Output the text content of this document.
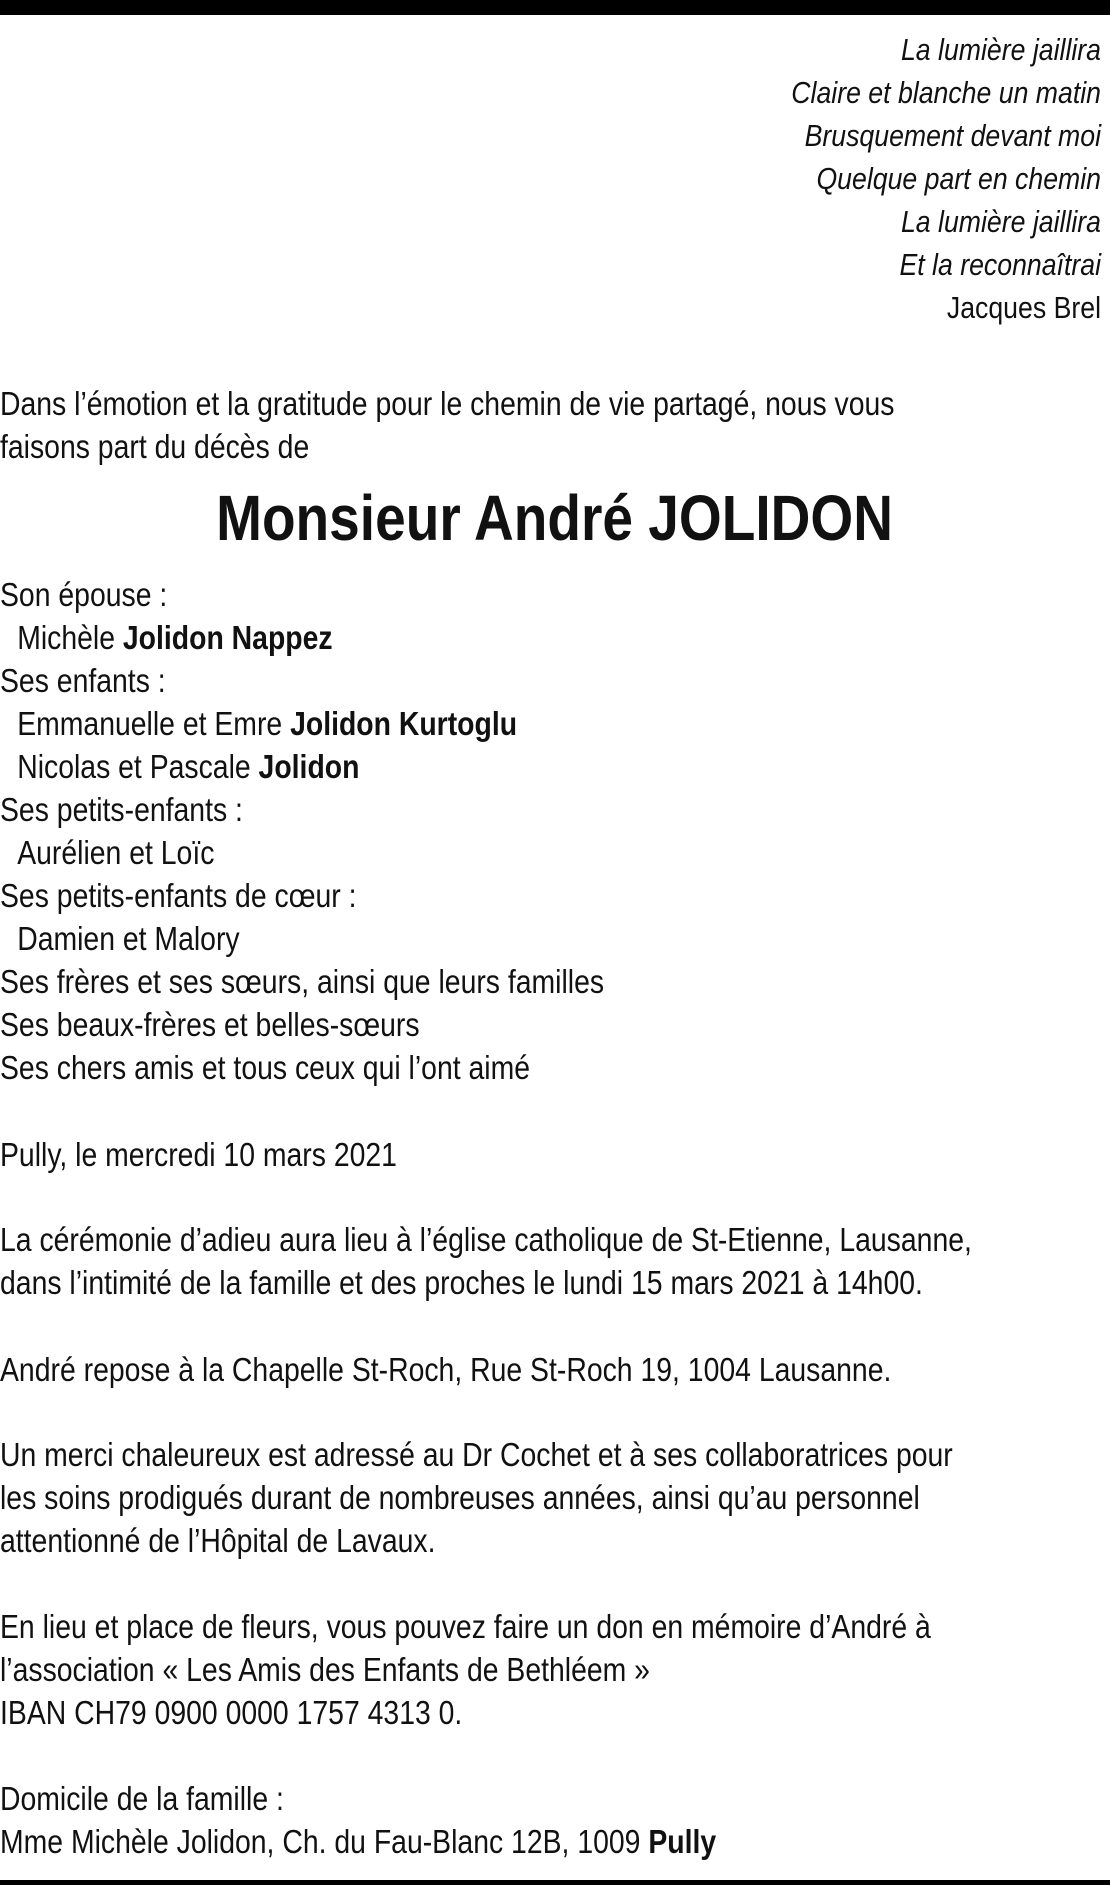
La lumière jaillira
Claire et blanche un matin
Brusquement devant moi
Quelque part en chemin
La lumière jaillira
Et la reconnaîtrai
Jacques Brel
Dans l’émotion et la gratitude pour le chemin de vie partagé, nous vous
faisons part du décès de
Monsieur André JOLIDON
Son épouse :
Michèle Jolidon Nappez
Ses enfants :
Emmanuelle et Emre Jolidon Kurtoglu
Nicolas et Pascale Jolidon
Ses petits-enfants :
Aurélien et Loïc
Ses petits-enfants de cœur :
Damien et Malory
Ses frères et ses sœurs, ainsi que leurs familles
Ses beaux-frères et belles-sœurs
Ses chers amis et tous ceux qui l’ont aimé
Pully, le mercredi 10 mars 2021
La cérémonie d’adieu aura lieu à l’église catholique de St-Etienne, Lausanne,
dans l’intimité de la famille et des proches le lundi 15 mars 2021 à 14h00.
André repose à la Chapelle St-Roch, Rue St-Roch 19, 1004 Lausanne.
Un merci chaleureux est adressé au Dr Cochet et à ses collaboratrices pour
les soins prodigués durant de nombreuses années, ainsi qu’au personnel
attentionné de l’Hôpital de Lavaux.
En lieu et place de fleurs, vous pouvez faire un don en mémoire d’André à
l’association « Les Amis des Enfants de Bethléem »
IBAN CH79 0900 0000 1757 4313 0.
Domicile de la famille :
Mme Michèle Jolidon, Ch. du Fau-Blanc 12B, 1009 Pully
